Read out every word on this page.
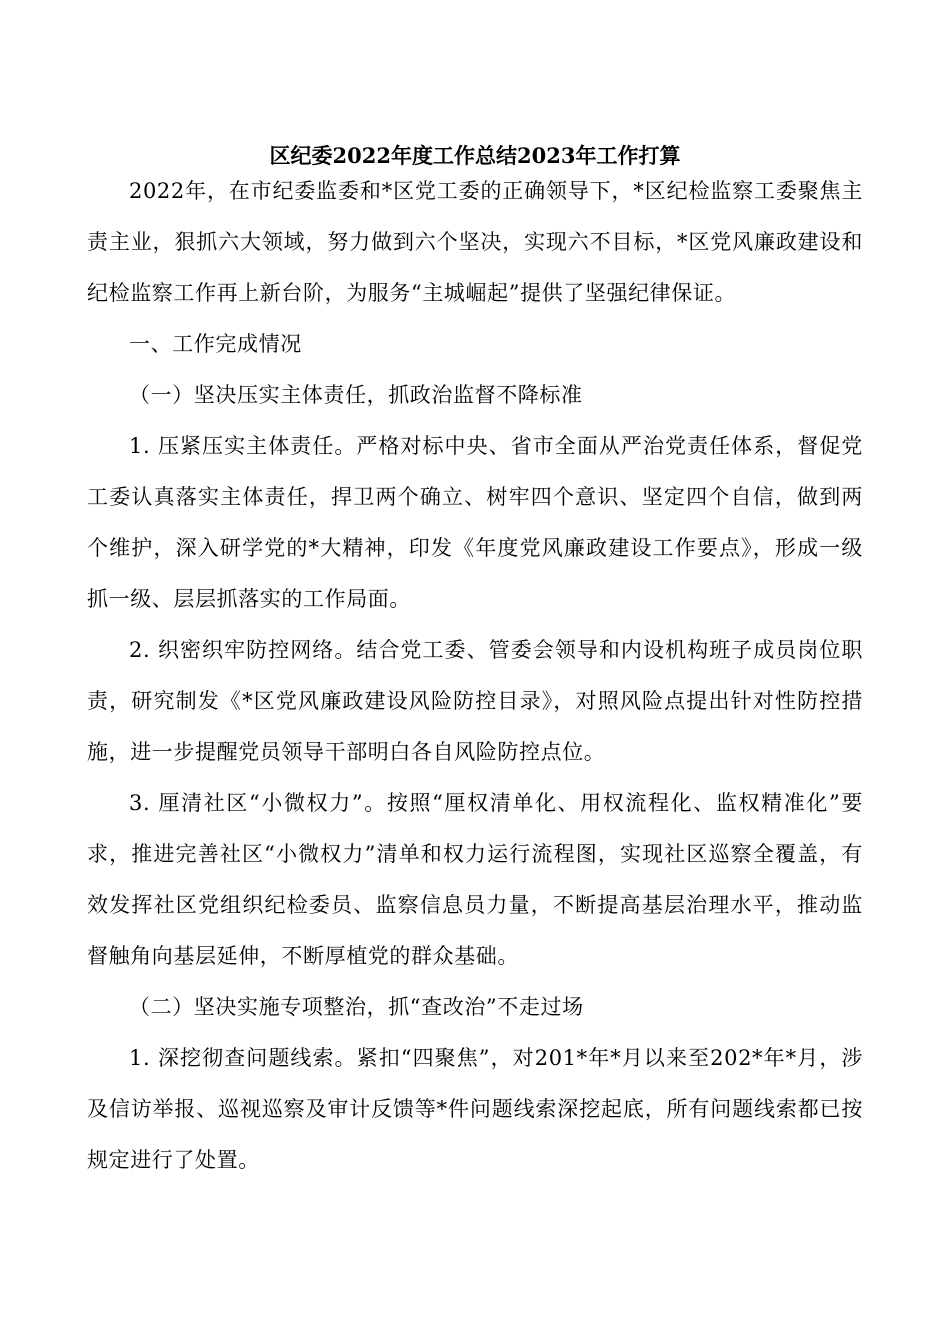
区纪委2022年度工作总结2023年工作打算

2022年，在市纪委监委和*区党工委的正确领导下，*区纪检监察工委聚焦主责主业，狠抓六大领域，努力做到六个坚决，实现六不目标，*区党风廉政建设和纪检监察工作再上新台阶，为服务“主城崛起”提供了坚强纪律保证。

一、工作完成情况

（一）坚决压实主体责任，抓政治监督不降标准

1. 压紧压实主体责任。严格对标中央、省市全面从严治党责任体系，督促党工委认真落实主体责任，捍卫两个确立、树牢四个意识、坚定四个自信，做到两个维护，深入研学党的*大精神，印发《年度党风廉政建设工作要点》，形成一级抓一级、层层抓落实的工作局面。

2. 织密织牢防控网络。结合党工委、管委会领导和内设机构班子成员岗位职责，研究制发《*区党风廉政建设风险防控目录》，对照风险点提出针对性防控措施，进一步提醒党员领导干部明白各自风险防控点位。

3. 厘清社区“小微权力”。按照“厘权清单化、用权流程化、监权精准化”要求，推进完善社区“小微权力”清单和权力运行流程图，实现社区巡察全覆盖，有效发挥社区党组织纪检委员、监察信息员力量，不断提高基层治理水平，推动监督触角向基层延伸，不断厚植党的群众基础。

（二）坚决实施专项整治，抓“查改治”不走过场

1. 深挖彻查问题线索。紧扣“四聚焦”，对201*年*月以来至202*年*月，涉及信访举报、巡视巡察及审计反馈等*件问题线索深挖起底，所有问题线索都已按规定进行了处置。
